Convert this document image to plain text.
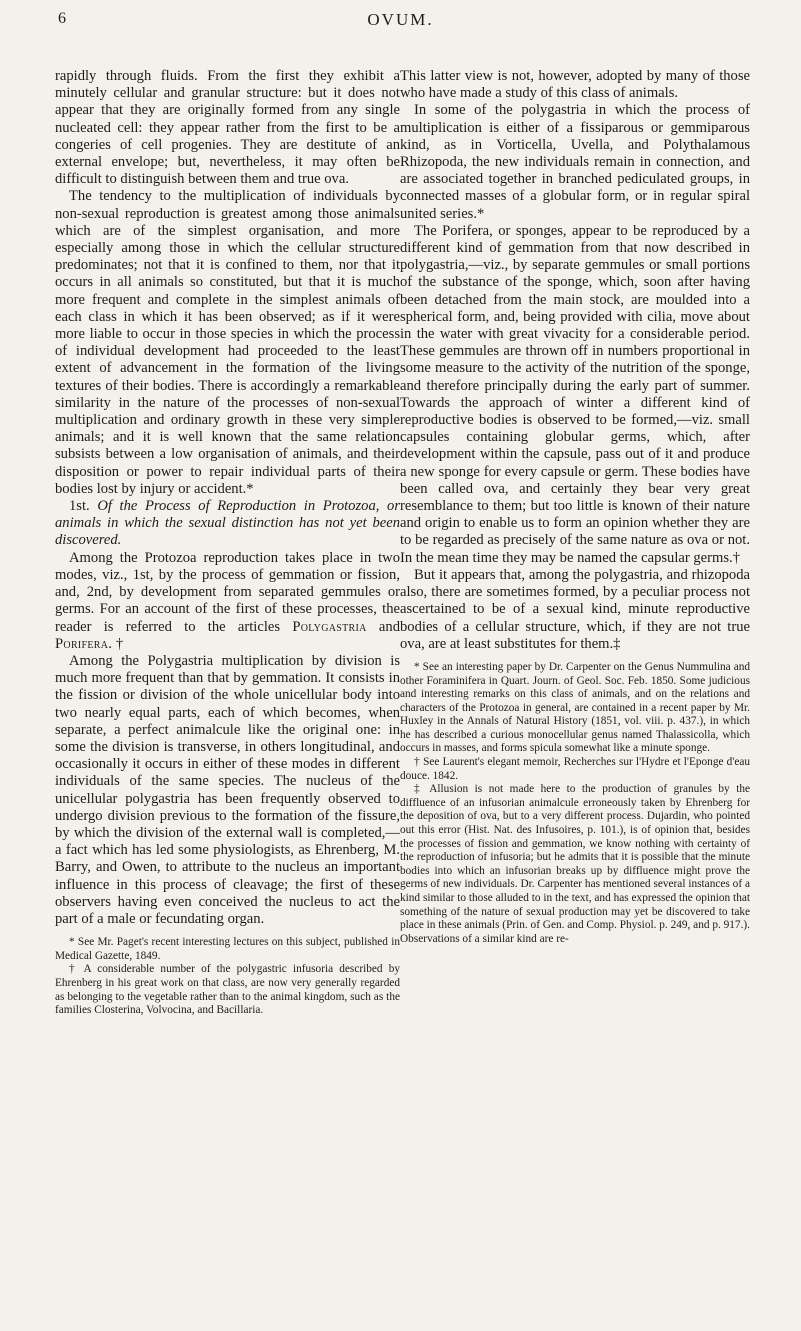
6	OVUM.

rapidly through fluids. From the first they exhibit a minutely cellular and granular structure: but it does not appear that they are originally formed from any single nucleated cell: they appear rather from the first to be a congeries of cell progenies. They are destitute of an external envelope; but, nevertheless, it may often be difficult to distinguish between them and true ova.

The tendency to the multiplication of individuals by non-sexual reproduction is greatest among those animals which are of the simplest organisation, and more especially among those in which the cellular structure predominates; not that it is confined to them, nor that it occurs in all animals so constituted, but that it is much more frequent and complete in the simplest animals of each class in which it has been observed; as if it were more liable to occur in those species in which the process of individual development had proceeded to the least extent of advancement in the formation of the living textures of their bodies. There is accordingly a remarkable similarity in the nature of the processes of non-sexual multiplication and ordinary growth in these very simple animals; and it is well known that the same relation subsists between a low organisation of animals, and their disposition or power to repair individual parts of their bodies lost by injury or accident.*

1st. Of the Process of Reproduction in Protozoa, or animals in which the sexual distinction has not yet been discovered.

Among the Protozoa reproduction takes place in two modes, viz., 1st, by the process of gemmation or fission, and, 2nd, by development from separated gemmules or germs. For an account of the first of these processes, the reader is referred to the articles Polygastria and Porifera. †

Among the Polygastria multiplication by division is much more frequent than that by gemmation. It consists in the fission or division of the whole unicellular body into two nearly equal parts, each of which becomes, when separate, a perfect animalcule like the original one: in some the division is transverse, in others longitudinal, and occasionally it occurs in either of these modes in different individuals of the same species. The nucleus of the unicellular polygastria has been frequently observed to undergo division previous to the formation of the fissure, by which the division of the external wall is completed,—a fact which has led some physiologists, as Ehrenberg, M. Barry, and Owen, to attribute to the nucleus an important influence in this process of cleavage; the first of these observers having even conceived the nucleus to act the part of a male or fecundating organ.

* See Mr. Paget's recent interesting lectures on this subject, published in Medical Gazette, 1849.

† A considerable number of the polygastric infusoria described by Ehrenberg in his great work on that class, are now very generally regarded as belonging to the vegetable rather than to the animal kingdom, such as the families Closterina, Volvocina, and Bacillaria.

This latter view is not, however, adopted by many of those who have made a study of this class of animals.

In some of the polygastria in which the process of multiplication is either of a fissiparous or gemmiparous kind, as in Vorticella, Uvella, and Polythalamous Rhizopoda, the new individuals remain in connection, and are associated together in branched pediculated groups, in connected masses of a globular form, or in regular spiral united series.*

The Porifera, or sponges, appear to be reproduced by a different kind of gemmation from that now described in polygastria,—viz., by separate gemmules or small portions of the substance of the sponge, which, soon after having been detached from the main stock, are moulded into a spherical form, and, being provided with cilia, move about in the water with great vivacity for a considerable period. These gemmules are thrown off in numbers proportional in some measure to the activity of the nutrition of the sponge, and therefore principally during the early part of summer. Towards the approach of winter a different kind of reproductive bodies is observed to be formed,—viz. small capsules containing globular germs, which, after development within the capsule, pass out of it and produce a new sponge for every capsule or germ. These bodies have been called ova, and certainly they bear very great resemblance to them; but too little is known of their nature and origin to enable us to form an opinion whether they are to be regarded as precisely of the same nature as ova or not. In the mean time they may be named the capsular germs.†

But it appears that, among the polygastria, and rhizopoda also, there are sometimes formed, by a peculiar process not ascertained to be of a sexual kind, minute reproductive bodies of a cellular structure, which, if they are not true ova, are at least substitutes for them.‡

* See an interesting paper by Dr. Carpenter on the Genus Nummulina and other Foraminifera in Quart. Journ. of Geol. Soc. Feb. 1850. Some judicious and interesting remarks on this class of animals, and on the relations and characters of the Protozoa in general, are contained in a recent paper by Mr. Huxley in the Annals of Natural History (1851, vol. viii. p. 437.), in which he has described a curious monocellular genus named Thalassicolla, which occurs in masses, and forms spicula somewhat like a minute sponge.

† See Laurent's elegant memoir, Recherches sur l'Hydre et l'Eponge d'eau douce. 1842.

‡ Allusion is not made here to the production of granules by the diffluence of an infusorian animalcule erroneously taken by Ehrenberg for the deposition of ova, but to a very different process. Dujardin, who pointed out this error (Hist. Nat. des Infusoires, p. 101.), is of opinion that, besides the processes of fission and gemmation, we know nothing with certainty of the reproduction of infusoria; but he admits that it is possible that the minute bodies into which an infusorian breaks up by diffluence might prove the germs of new individuals. Dr. Carpenter has mentioned several instances of a kind similar to those alluded to in the text, and has expressed the opinion that something of the nature of sexual production may yet be discovered to take place in these animals (Prin. of Gen. and Comp. Physiol. p. 249, and p. 917.). Observations of a similar kind are re-
